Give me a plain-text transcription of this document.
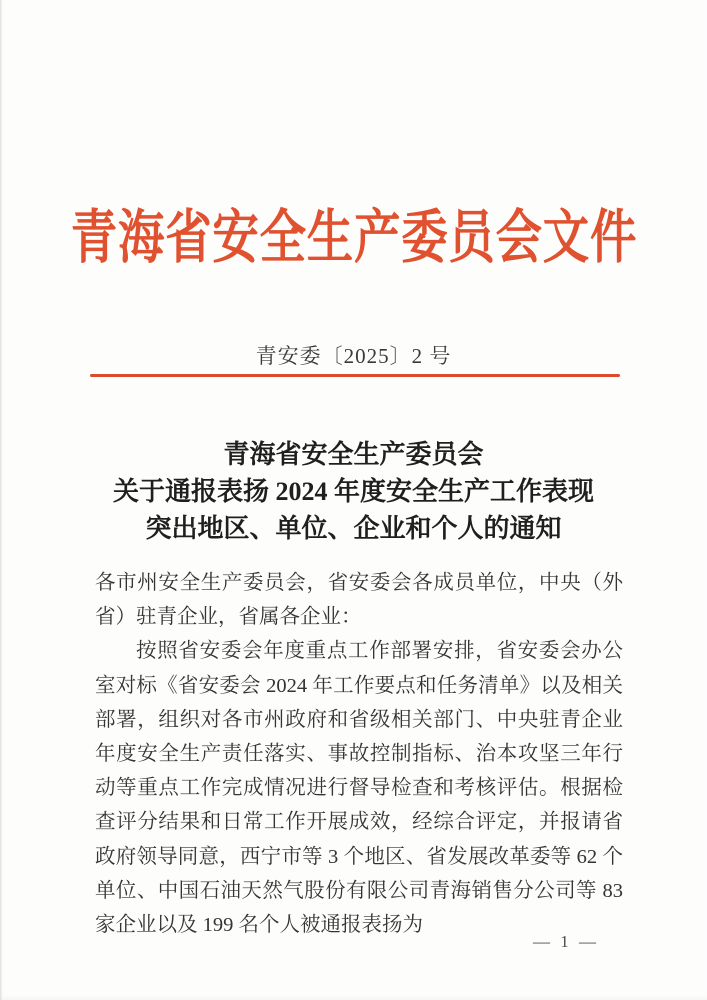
青海省安全生产委员会文件
青安委〔2025〕2 号
青海省安全生产委员会
关于通报表扬 2024 年度安全生产工作表现
突出地区、单位、企业和个人的通知

各市州安全生产委员会，省安委会各成员单位，中央（外省）驻青企业，省属各企业：

按照省安委会年度重点工作部署安排，省安委会办公室对标《省安委会 2024 年工作要点和任务清单》以及相关部署，组织对各市州政府和省级相关部门、中央驻青企业年度安全生产责任落实、事故控制指标、治本攻坚三年行动等重点工作完成情况进行督导检查和考核评估。根据检查评分结果和日常工作开展成效，经综合评定，并报请省政府领导同意，西宁市等 3 个地区、省发展改革委等 62 个单位、中国石油天然气股份有限公司青海销售分公司等 83 家企业以及 199 名个人被通报表扬为

— 1 —
